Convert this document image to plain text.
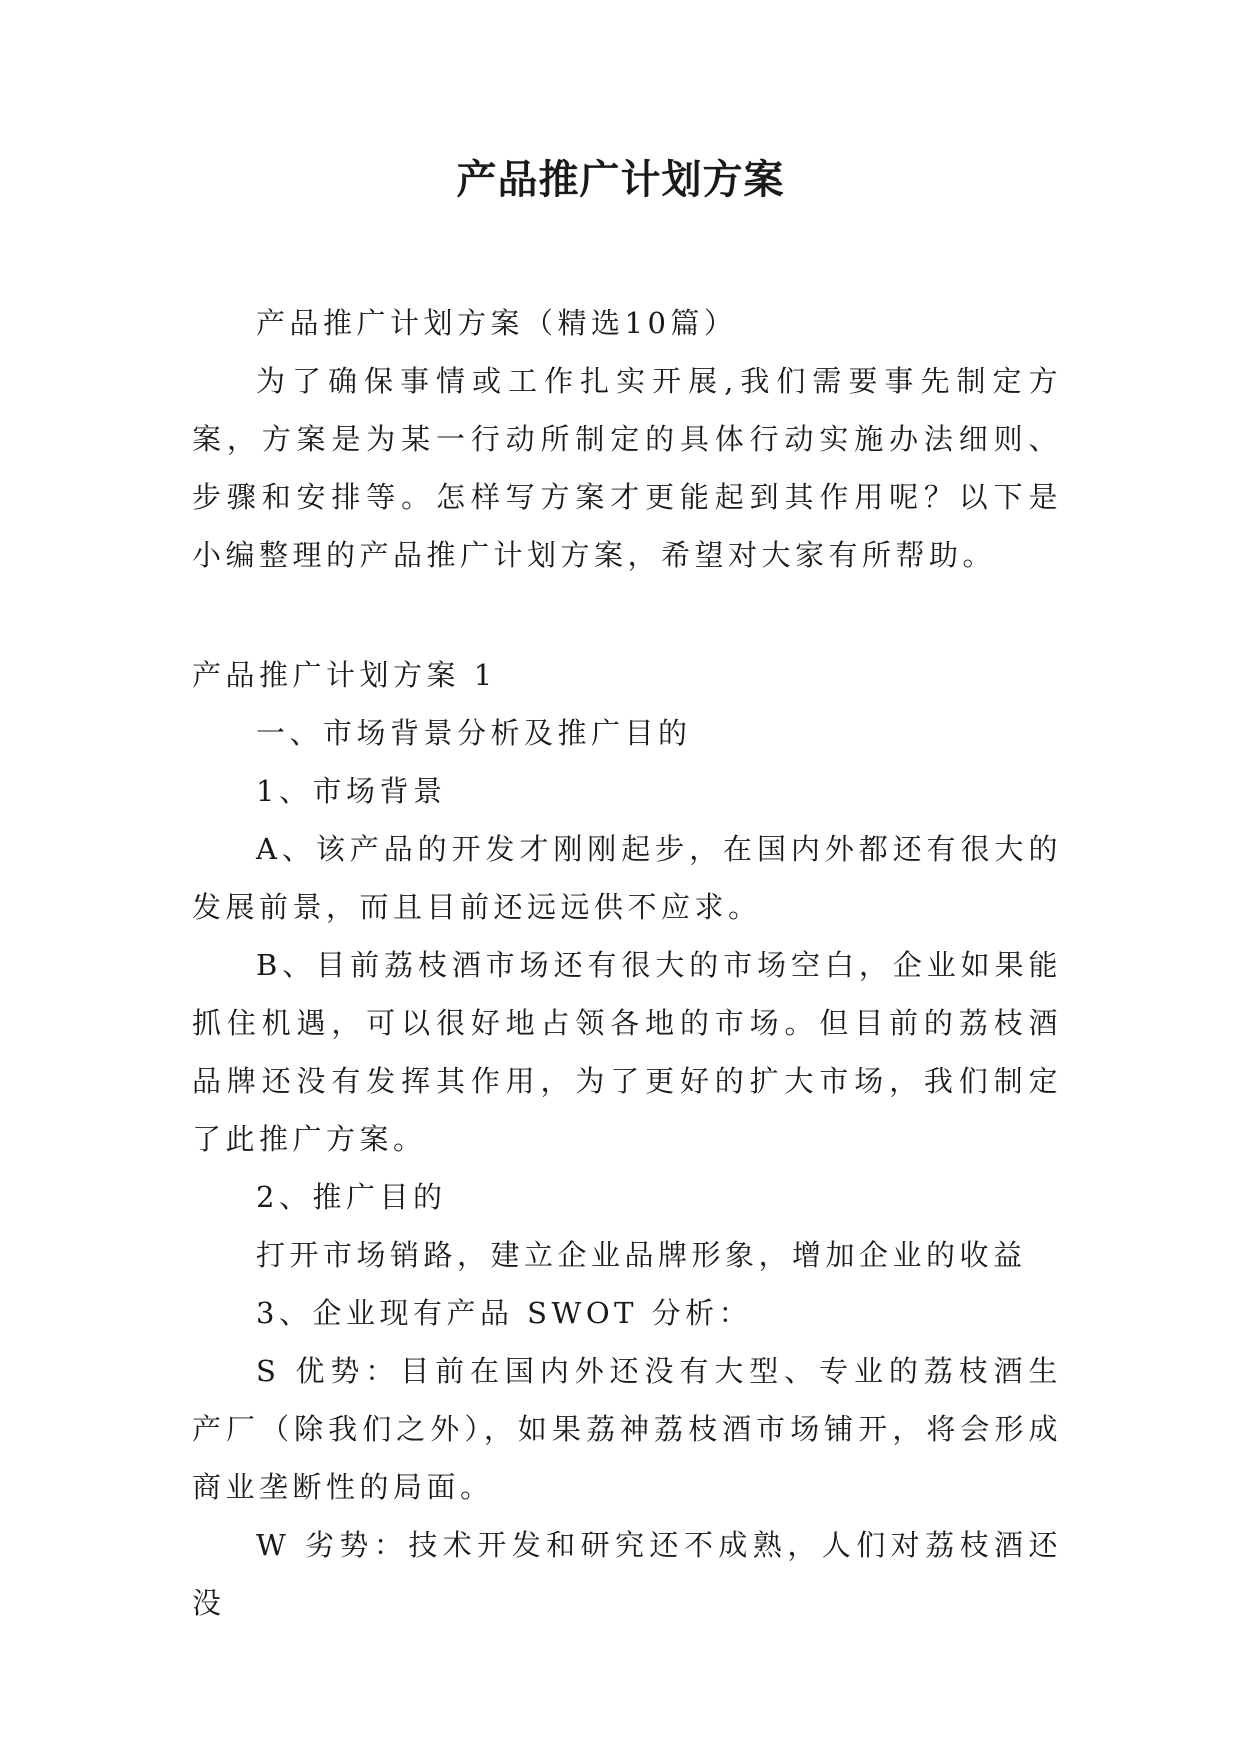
产品推广计划方案

产品推广计划方案（精选10篇）

为了确保事情或工作扎实开展,我们需要事先制定方案，方案是为某一行动所制定的具体行动实施办法细则、步骤和安排等。怎样写方案才更能起到其作用呢？以下是小编整理的产品推广计划方案，希望对大家有所帮助。

产品推广计划方案 1

一、市场背景分析及推广目的

1、市场背景

A、该产品的开发才刚刚起步，在国内外都还有很大的发展前景，而且目前还远远供不应求。

B、目前荔枝酒市场还有很大的市场空白，企业如果能抓住机遇，可以很好地占领各地的市场。但目前的荔枝酒品牌还没有发挥其作用，为了更好的扩大市场，我们制定了此推广方案。

2、推广目的

打开市场销路，建立企业品牌形象，增加企业的收益

3、企业现有产品 SWOT 分析：

S 优势：目前在国内外还没有大型、专业的荔枝酒生产厂（除我们之外），如果荔神荔枝酒市场铺开，将会形成商业垄断性的局面。

W 劣势：技术开发和研究还不成熟，人们对荔枝酒还没
